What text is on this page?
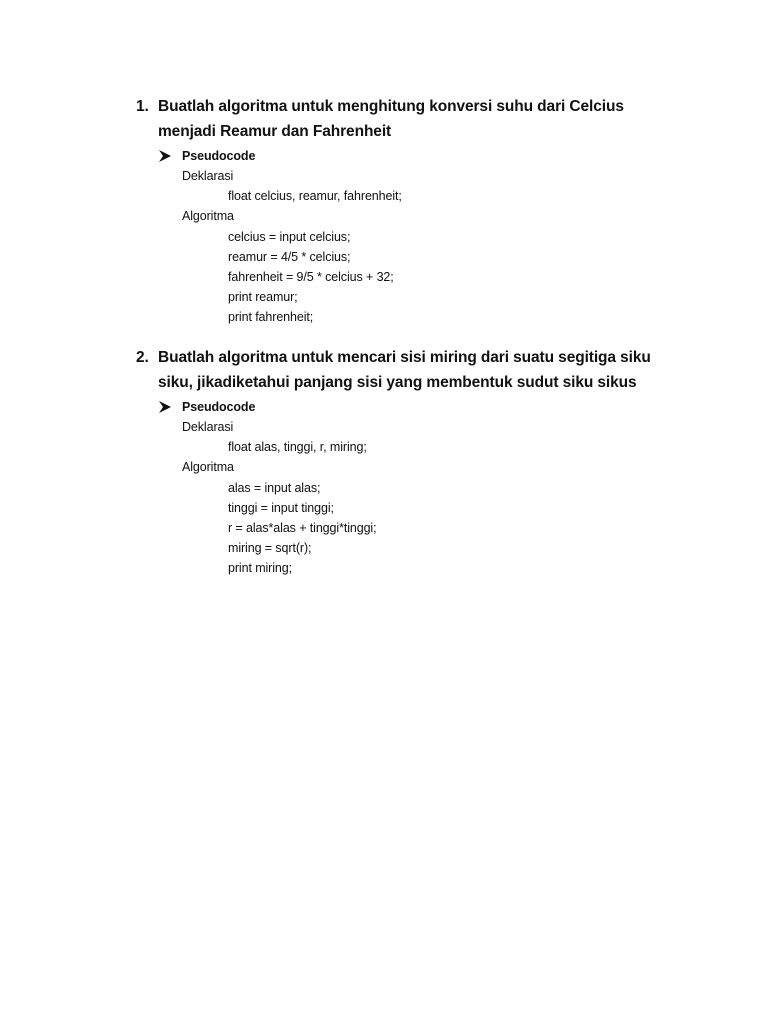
1. Buatlah algoritma untuk menghitung konversi suhu dari Celcius
menjadi Reamur dan Fahrenheit
Pseudocode
Deklarasi
float celcius, reamur, fahrenheit;
Algoritma
celcius = input celcius;
reamur = 4/5 * celcius;
fahrenheit = 9/5 * celcius + 32;
print reamur;
print fahrenheit;
2. Buatlah algoritma untuk mencari sisi miring dari suatu segitiga siku
siku, jikadiketahui panjang sisi yang membentuk sudut siku sikus
Pseudocode
Deklarasi
float alas, tinggi, r, miring;
Algoritma
alas = input alas;
tinggi = input tinggi;
r = alas*alas + tinggi*tinggi;
miring = sqrt(r);
print miring;
